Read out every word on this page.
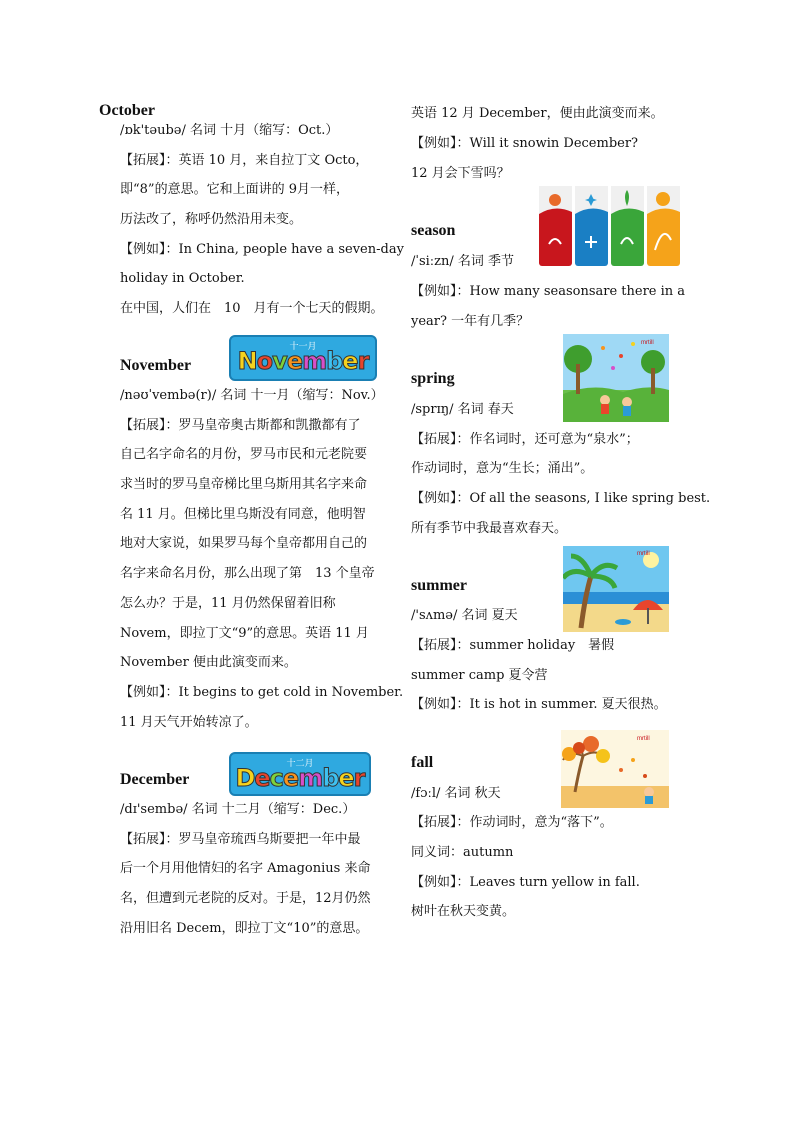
October
/ɒk'təubə/ 名词 十月（缩写：Oct.）
【拓展】：英语 10 月，来自拉丁文 Octo，
即“8”的意思。它和上面讲的 9月一样，
历法改了，称呼仍然沿用未变。
【例如】：In China, people have a seven-day
holiday in October.
在中国，人们在　10　月有一个七天的假期。
November
十一月
November
/nəʊˈvembə(r)/ 名词 十一月（缩写：Nov.）
【拓展】：罗马皇帝奥古斯都和凯撒都有了
自己名字命名的月份，罗马市民和元老院要
求当时的罗马皇帝梯比里乌斯用其名字来命
名 11 月。但梯比里乌斯没有同意，他明智
地对大家说，如果罗马每个皇帝都用自己的
名字来命名月份，那么出现了第　13 个皇帝
怎么办？于是，11 月仍然保留着旧称
Novem，即拉丁文“9”的意思。英语 11 月
November 便由此演变而来。
【例如】：It begins to get cold in November.
11 月天气开始转凉了。
December
十二月
December
/dɪ'sembə/ 名词 十二月（缩写：Dec.）
【拓展】：罗马皇帝琉西乌斯要把一年中最
后一个月用他情妇的名字 Amagonius 来命
名，但遭到元老院的反对。于是，12月仍然
沿用旧名 Decem，即拉丁文“10”的意思。
英语 12 月 December，便由此演变而来。
【例如】：Will it snowin December?
12 月会下雪吗？
season
/ˈsiːzn/ 名词 季节
【例如】：How many seasonsare there in a
year? 一年有几季？
spring
mrtill
/sprɪŋ/ 名词 春天
【拓展】：作名词时，还可意为“泉水”；
作动词时，意为“生长；涌出”。
【例如】：Of all the seasons, I like spring best.
所有季节中我最喜欢春天。
summer
mrtill
/'sʌmə/ 名词 夏天
【拓展】：summer holiday　暑假
summer camp 夏令营
【例如】：It is hot in summer. 夏天很热。
fall
mrtill
/fɔːl/ 名词 秋天
【拓展】：作动词时，意为“落下”。
同义词：autumn
【例如】：Leaves turn yellow in fall.
树叶在秋天变黄。
